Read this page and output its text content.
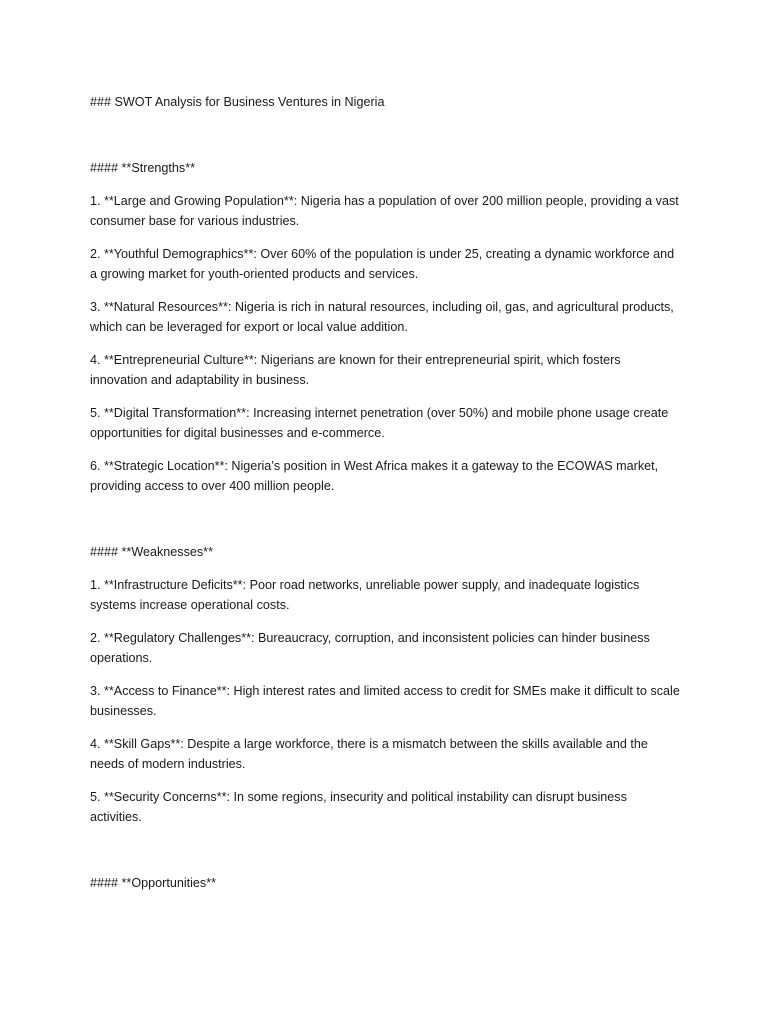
### SWOT Analysis for Business Ventures in Nigeria
#### **Strengths**
1. **Large and Growing Population**: Nigeria has a population of over 200 million people, providing a vast consumer base for various industries.
2. **Youthful Demographics**: Over 60% of the population is under 25, creating a dynamic workforce and a growing market for youth-oriented products and services.
3. **Natural Resources**: Nigeria is rich in natural resources, including oil, gas, and agricultural products, which can be leveraged for export or local value addition.
4. **Entrepreneurial Culture**: Nigerians are known for their entrepreneurial spirit, which fosters innovation and adaptability in business.
5. **Digital Transformation**: Increasing internet penetration (over 50%) and mobile phone usage create opportunities for digital businesses and e-commerce.
6. **Strategic Location**: Nigeria’s position in West Africa makes it a gateway to the ECOWAS market, providing access to over 400 million people.
#### **Weaknesses**
1. **Infrastructure Deficits**: Poor road networks, unreliable power supply, and inadequate logistics systems increase operational costs.
2. **Regulatory Challenges**: Bureaucracy, corruption, and inconsistent policies can hinder business operations.
3. **Access to Finance**: High interest rates and limited access to credit for SMEs make it difficult to scale businesses.
4. **Skill Gaps**: Despite a large workforce, there is a mismatch between the skills available and the needs of modern industries.
5. **Security Concerns**: In some regions, insecurity and political instability can disrupt business activities.
#### **Opportunities**
